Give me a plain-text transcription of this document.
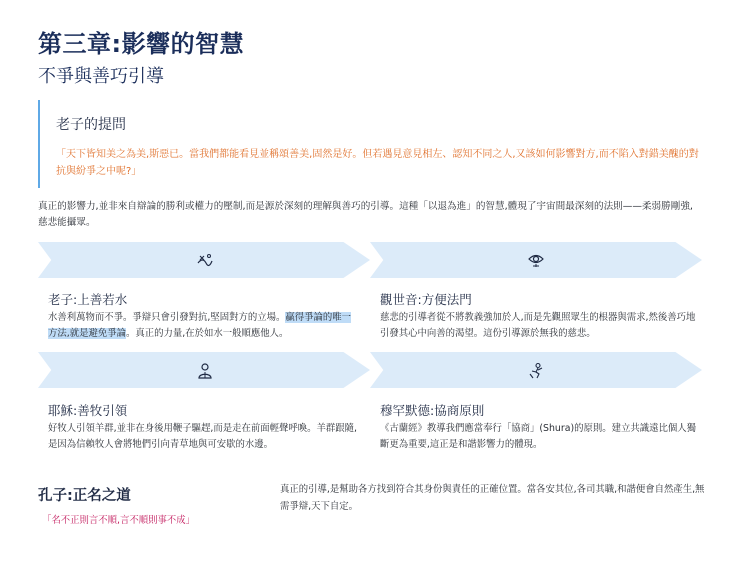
第三章:影響的智慧
不爭與善巧引導
老子的提問
「天下皆知美之為美,斯惡已。當我們都能看見並稱頌善美,固然是好。但若遇見意見相左、認知不同之人,又該如何影響對方,而不陷入對錯美醜的對抗與紛爭之中呢?」
真正的影響力,並非來自辯論的勝利或權力的壓制,而是源於深刻的理解與善巧的引導。這種「以退為進」的智慧,體現了宇宙間最深刻的法則——柔弱勝剛強,慈悲能攝眾。
老子:上善若水
水善利萬物而不爭。爭辯只會引發對抗,堅固對方的立場。贏得爭論的唯一方法,就是避免爭論。真正的力量,在於如水一般順應他人。
觀世音:方便法門
慈悲的引導者從不將教義強加於人,而是先觀照眾生的根器與需求,然後善巧地引發其心中向善的渴望。這份引導源於無我的慈悲。
耶穌:善牧引領
好牧人引領羊群,並非在身後用鞭子驅趕,而是走在前面輕聲呼喚。羊群跟隨,是因為信賴牧人會將牠們引向青草地與可安歇的水邊。
穆罕默德:協商原則
《古蘭經》教導我們應當奉行「協商」(Shura)的原則。建立共識遠比個人獨斷更為重要,這正是和諧影響力的體現。
孔子:正名之道
「名不正則言不順,言不順則事不成」
真正的引導,是幫助各方找到符合其身份與責任的正確位置。當各安其位,各司其職,和諧便會自然產生,無需爭辯,天下自定。
